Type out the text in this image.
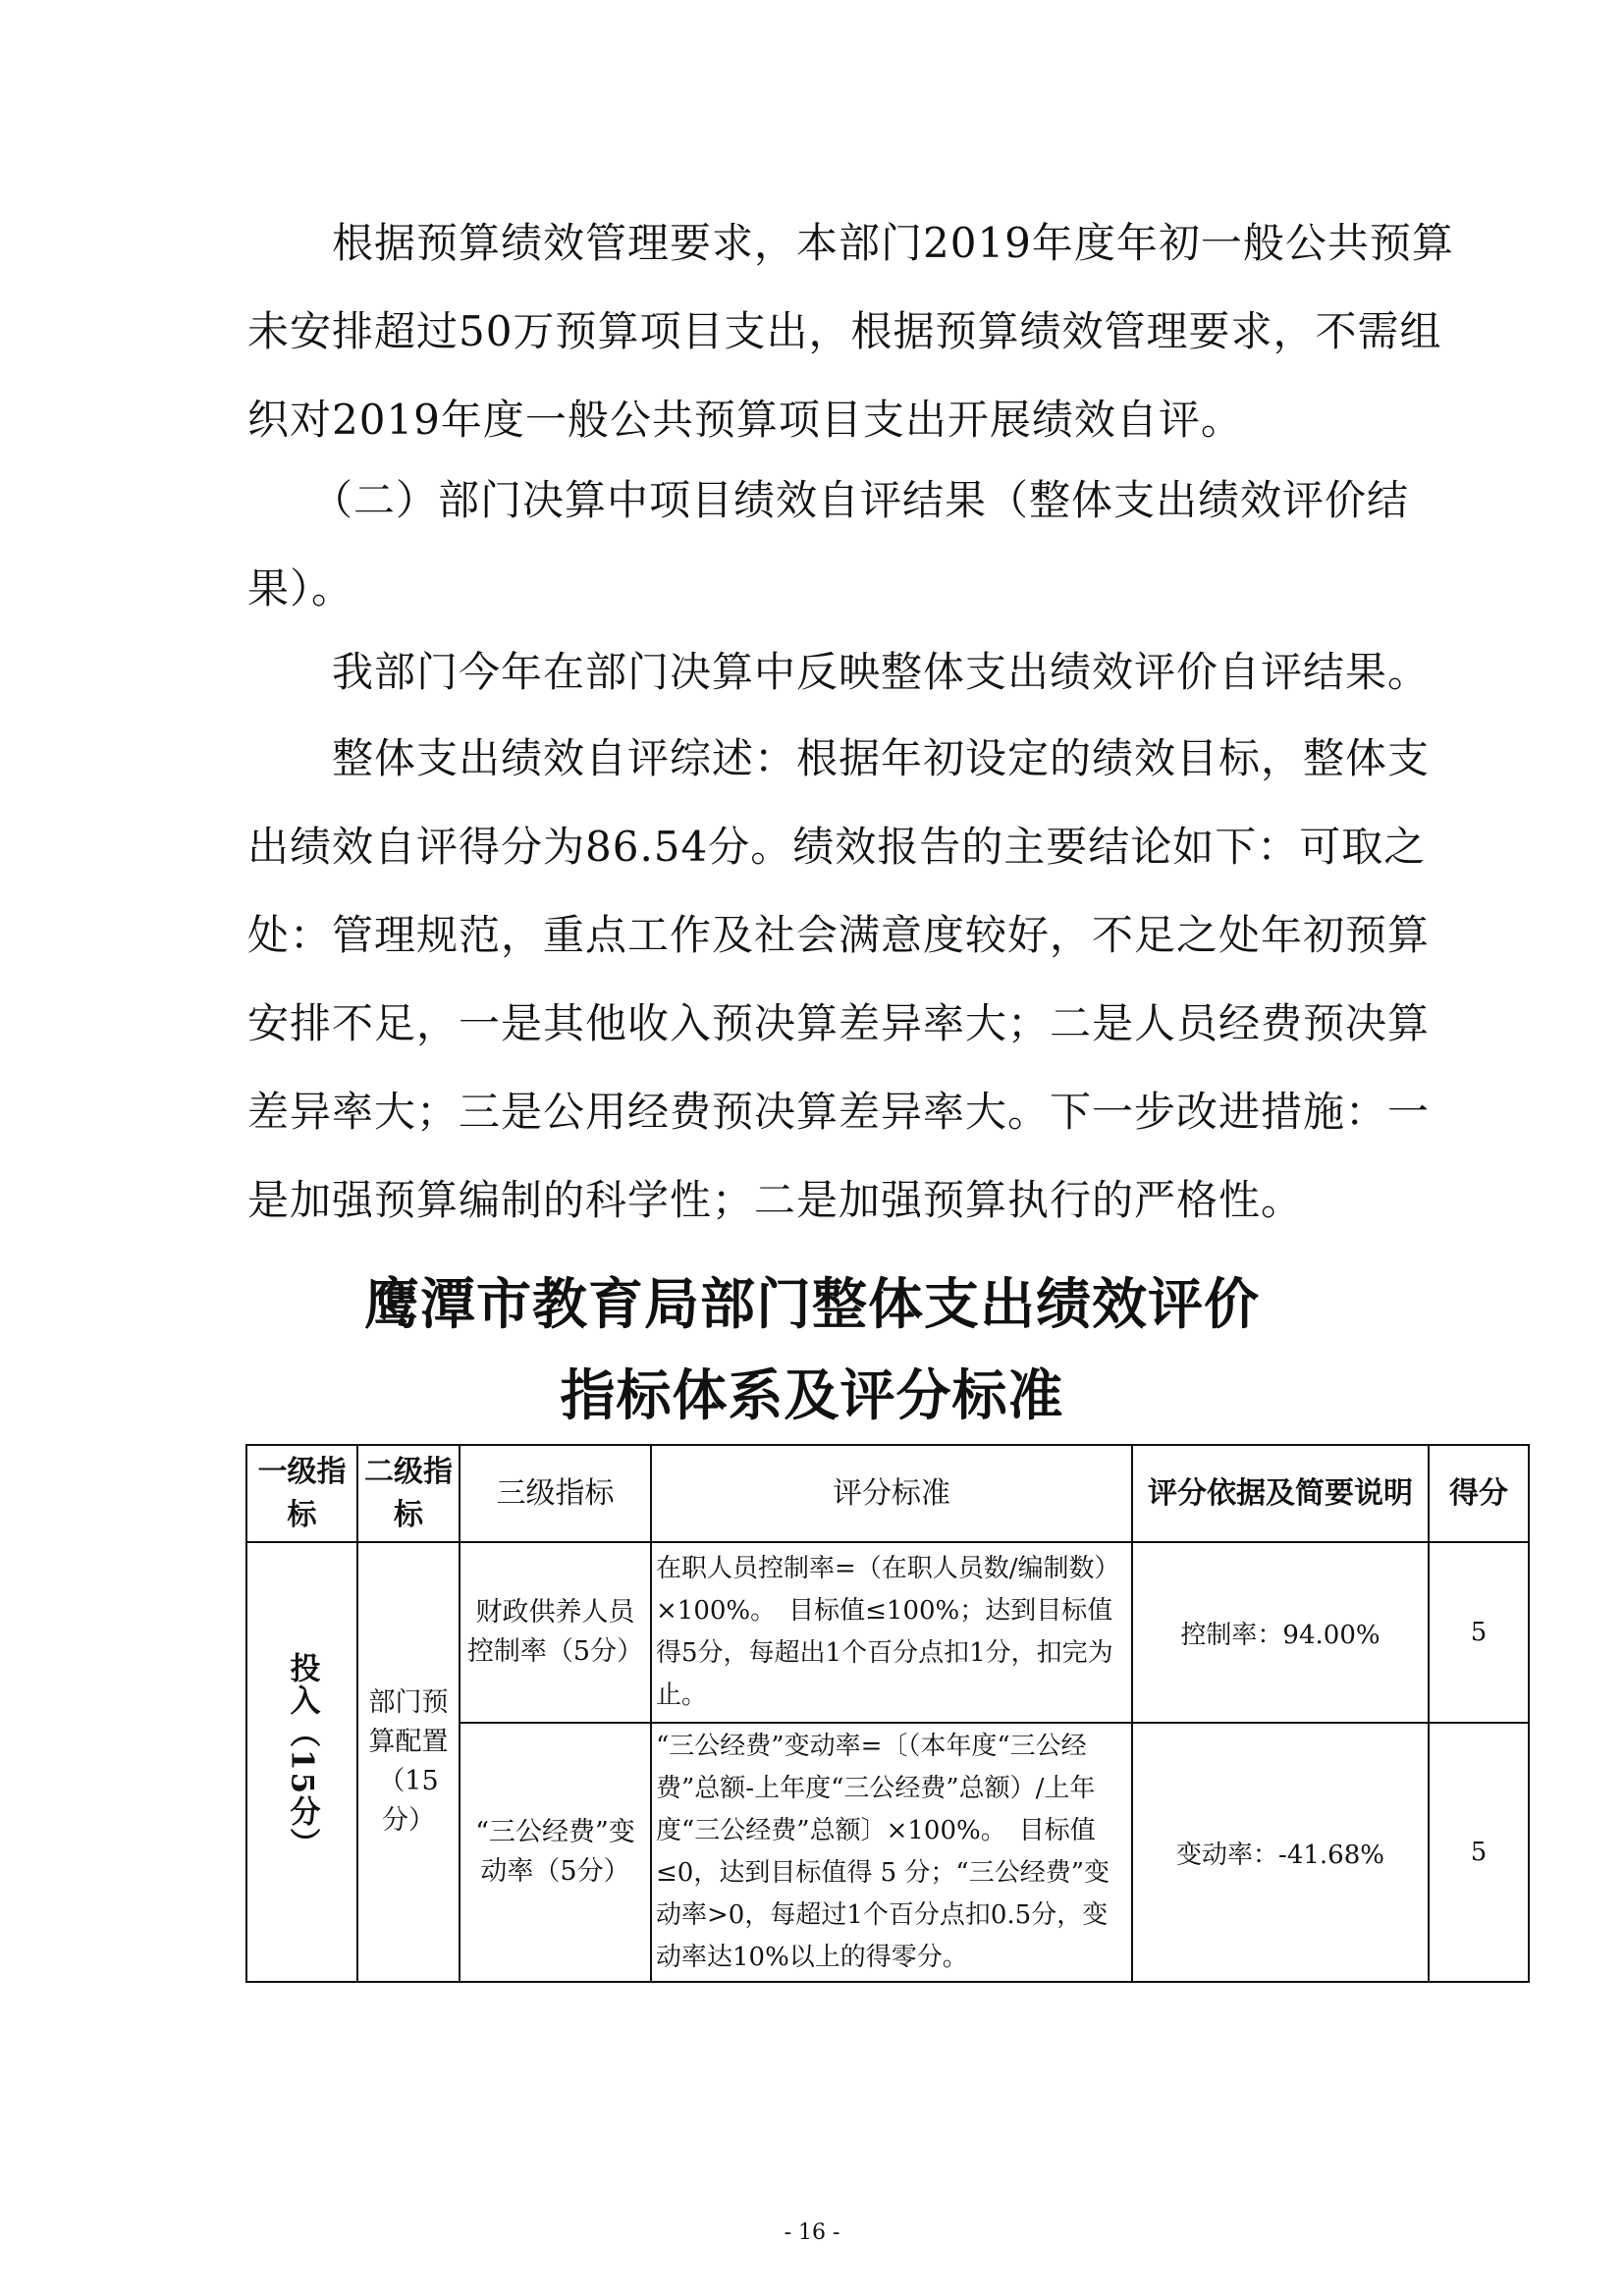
　　根据预算绩效管理要求，本部门2019年度年初一般公共预算
未安排超过50万预算项目支出，根据预算绩效管理要求，不需组
织对2019年度一般公共预算项目支出开展绩效自评。
　　（二）部门决算中项目绩效自评结果（整体支出绩效评价结
果）。
　　我部门今年在部门决算中反映整体支出绩效评价自评结果。
　　整体支出绩效自评综述：根据年初设定的绩效目标，整体支
出绩效自评得分为86.54分。绩效报告的主要结论如下：可取之
处：管理规范，重点工作及社会满意度较好，不足之处年初预算
安排不足，一是其他收入预决算差异率大；二是人员经费预决算
差异率大；三是公用经费预决算差异率大。下一步改进措施：一
是加强预算编制的科学性；二是加强预算执行的严格性。
鹰潭市教育局部门整体支出绩效评价
指标体系及评分标准
一级指标	二级指标	三级指标	评分标准	评分依据及简要说明	得分
投入（15分）	部门预算配置（15分）	财政供养人员控制率（5分）	在职人员控制率=（在职人员数/编制数）×100%。　目标值≤100%；达到目标值得5分，每超出1个百分点扣1分，扣完为止。	控制率：94.00%	5
		“三公经费”变动率（5分）	“三公经费”变动率=〔（本年度“三公经费”总额-上年度“三公经费”总额）/上年度“三公经费”总额〕×100%。　目标值≤0，达到目标值得 5 分；“三公经费”变动率>0，每超过1个百分点扣0.5分，变动率达10%以上的得零分。	变动率：-41.68%	5
- 16 -
